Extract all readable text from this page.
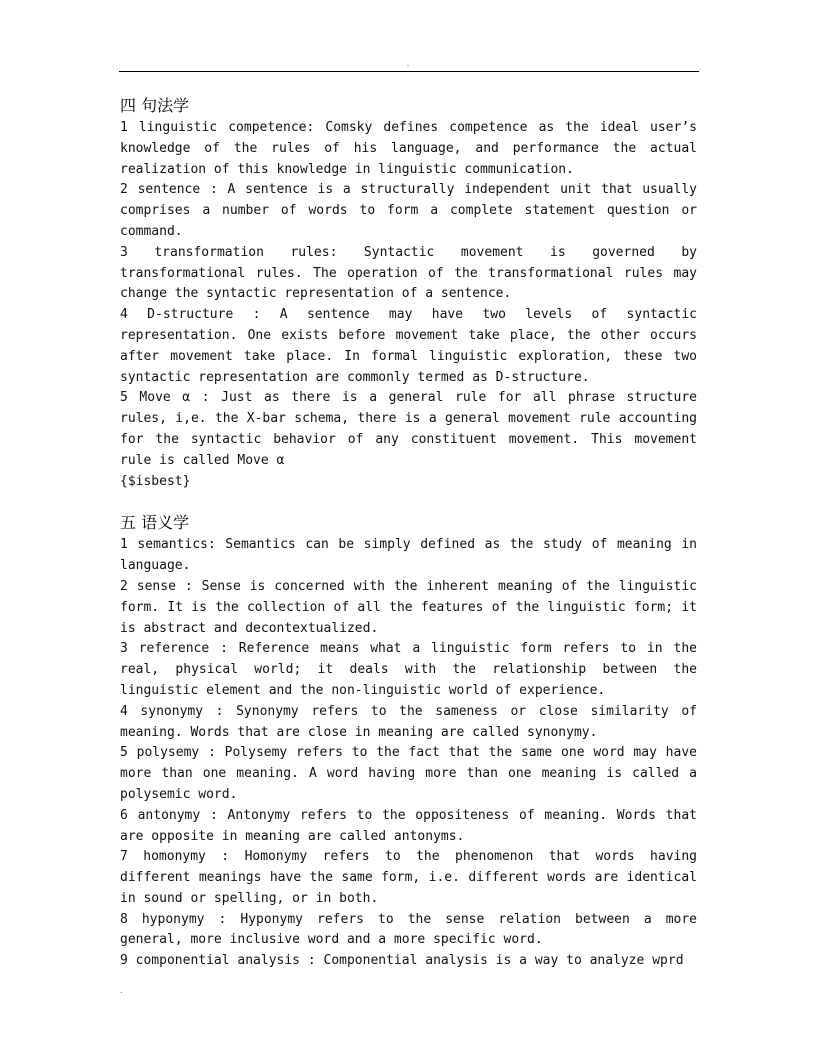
.
四 句法学

1 linguistic competence: Comsky defines competence as the ideal user’s knowledge of the rules of his language, and performance the actual realization of this knowledge in linguistic communication.

2 sentence : A sentence is a structurally independent unit that usually comprises a number of words to form a complete statement question or command.

3 transformation rules: Syntactic movement is governed by transformational rules. The operation of the transformational rules may change the syntactic representation of a sentence.

4 D-structure : A sentence may have two levels of syntactic representation. One exists before movement take place, the other occurs after movement take place. In formal linguistic exploration, these two syntactic representation are commonly termed as D-structure.

5 Move α : Just as there is a general rule for all phrase structure rules, i,e. the X-bar schema, there is a general movement rule accounting for the syntactic behavior of any constituent movement. This movement rule is called Move α

{$isbest}

五 语义学

1 semantics: Semantics can be simply defined as the study of meaning in language.

2 sense : Sense is concerned with the inherent meaning of the linguistic form. It is the collection of all the features of the linguistic form; it is abstract and decontextualized.

3 reference : Reference means what a linguistic form refers to in the real, physical world; it deals with the relationship between the linguistic element and the non-linguistic world of experience.

4 synonymy : Synonymy refers to the sameness or close similarity of meaning. Words that are close in meaning are called synonymy.

5 polysemy : Polysemy refers to the fact that the same one word may have more than one meaning. A word having more than one meaning is called a polysemic word.

6 antonymy : Antonymy refers to the oppositeness of meaning. Words that are opposite in meaning are called antonyms.

7 homonymy : Homonymy refers to the phenomenon that words having different meanings have the same form, i.e. different words are identical in sound or spelling, or in both.

8 hyponymy : Hyponymy refers to the sense relation between a more general, more inclusive word and a more specific word.

9 componential analysis : Componential analysis is a way to analyze wprd

.
